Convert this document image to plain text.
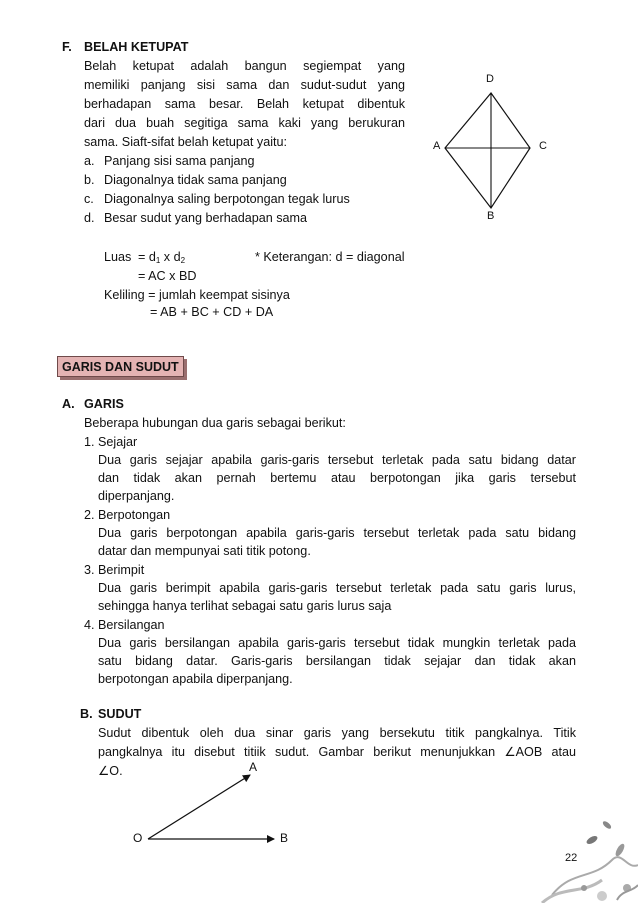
F. BELAH KETUPAT
Belah ketupat adalah bangun segiempat yang
memiliki panjang sisi sama dan sudut-sudut yang
berhadapan sama besar. Belah ketupat dibentuk
dari dua buah segitiga sama kaki yang berukuran
sama. Siaft-sifat belah ketupat yaitu:
a. Panjang sisi sama panjang
b. Diagonalnya tidak sama panjang
c. Diagonalnya saling berpotongan tegak lurus
d. Besar sudut yang berhadapan sama
D
A	C
B
Luas = $d_1$ x $d_2$	* Keterangan: d = diagonal
= AC x BD
Keliling = jumlah keempat sisinya
= AB + BC + CD + DA
GARIS DAN SUDUT
A. GARIS
Beberapa hubungan dua garis sebagai berikut:
1. Sejajar
Dua garis sejajar apabila garis-garis tersebut terletak pada satu bidang datar
dan tidak akan pernah bertemu atau berpotongan jika garis tersebut
diperpanjang.
2. Berpotongan
Dua garis berpotongan apabila garis-garis tersebut terletak pada satu bidang
datar dan mempunyai sati titik potong.
3. Berimpit
Dua garis berimpit apabila garis-garis tersebut terletak pada satu garis lurus,
sehingga hanya terlihat sebagai satu garis lurus saja
4. Bersilangan
Dua garis bersilangan apabila garis-garis tersebut tidak mungkin terletak pada
satu bidang datar. Garis-garis bersilangan tidak sejajar dan tidak akan
berpotongan apabila diperpanjang.
B. SUDUT
Sudut dibentuk oleh dua sinar garis yang bersekutu titik pangkalnya. Titik
pangkalnya itu disebut titiik sudut. Gambar berikut menunjukkan ∠AOB atau
∠O.	A
O	B
22
